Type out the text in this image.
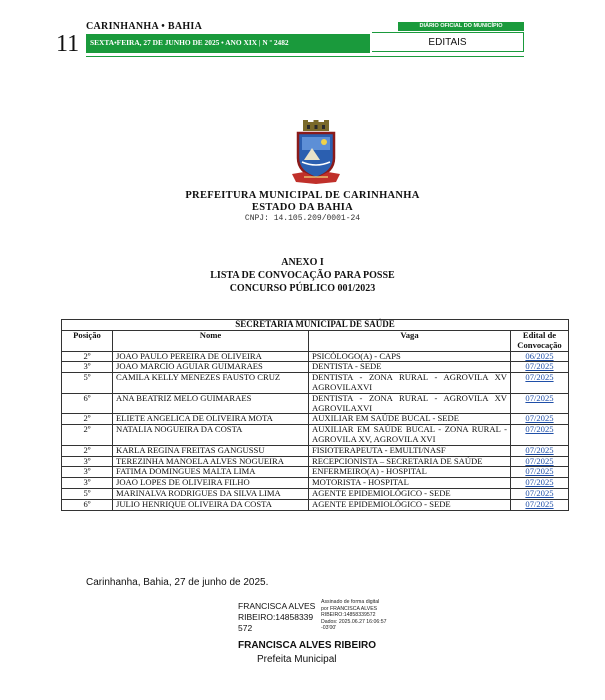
11
CARINHANHA • BAHIA
SEXTA•FEIRA, 27 DE JUNHO DE 2025 • ANO XIX | N º 2482
DIÁRIO OFICIAL DO MUNICÍPIO
EDITAIS
PREFEITURA MUNICIPAL DE CARINHANHA
ESTADO DA BAHIA
CNPJ: 14.105.209/0001-24
ANEXO I
LISTA DE CONVOCAÇÃO PARA POSSE
CONCURSO PÚBLICO 001/2023
SECRETARIA MUNICIPAL DE SAÚDE			
Posição	Nome	Vaga	Edital de Convocação
2º	JOAO PAULO PEREIRA DE OLIVEIRA	PSICÓLOGO(A) - CAPS	06/2025
3º	JOAO MARCIO AGUIAR GUIMARAES	DENTISTA - SEDE	07/2025
5º	CAMILA KELLY MENEZES FAUSTO CRUZ	DENTISTA - ZONA RURAL - AGROVILA XV AGROVILAXVI	07/2025
6º	ANA BEATRIZ MELO GUIMARAES	DENTISTA - ZONA RURAL - AGROVILA XV AGROVILAXVI	07/2025
2º	ELIETE ANGELICA DE OLIVEIRA MOTA	AUXILIAR EM SAÚDE BUCAL - SEDE	07/2025
2º	NATALIA NOGUEIRA DA COSTA	AUXILIAR EM SAÚDE BUCAL - ZONA RURAL - AGROVILA XV, AGROVILA XVI	07/2025
2º	KARLA REGINA FREITAS GANGUSSU	FISIOTERAPEUTA - EMULTI/NASF	07/2025
3º	TEREZINHA MANOELA ALVES NOGUEIRA	RECEPCIONISTA – SECRETARIA DE SAÚDE	07/2025
3º	FATIMA DOMINGUES MALTA LIMA	ENFERMEIRO(A) - HOSPITAL	07/2025
3º	JOAO LOPES DE OLIVEIRA FILHO	MOTORISTA - HOSPITAL	07/2025
5º	MARINALVA RODRIGUES DA SILVA LIMA	AGENTE EPIDEMIOLÓGICO - SEDE	07/2025
6º	JULIO HENRIQUE OLIVEIRA DA COSTA	AGENTE EPIDEMIOLÓGICO - SEDE	07/2025
Carinhanha, Bahia, 27 de junho de 2025.
FRANCISCA ALVES
RIBEIRO:14858339
572
Assinado de forma digital
por FRANCISCA ALVES
RIBEIRO:14858339572
Dados: 2025.06.27 16:06:57
-03'00'
FRANCISCA ALVES RIBEIRO
Prefeita Municipal
